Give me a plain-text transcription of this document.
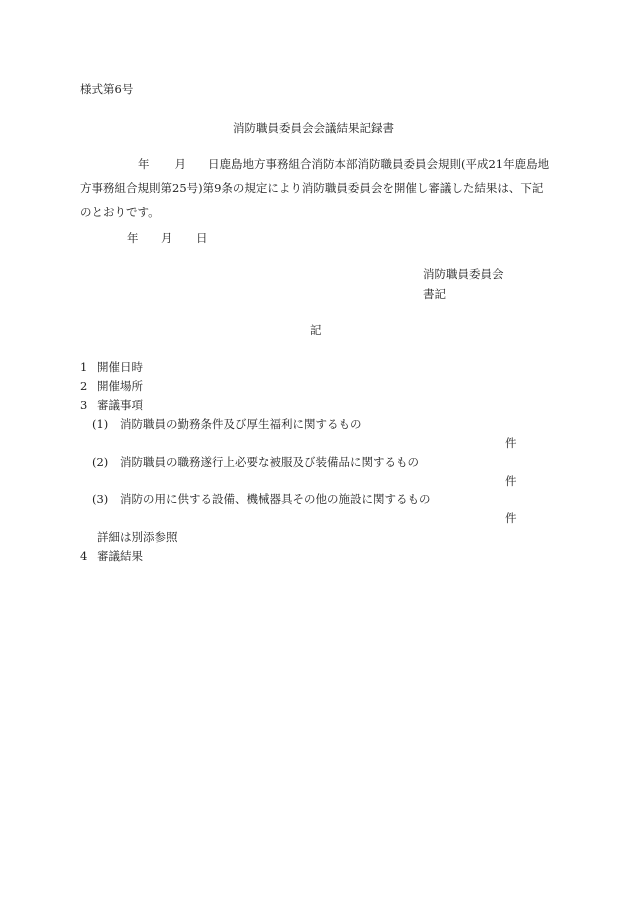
様式第6号
消防職員委員会会議結果記録書
年 月 日鹿島地方事務組合消防本部消防職員委員会規則(平成21年鹿島地方事務組合規則第25号)第9条の規定により消防職員委員会を開催し審議した結果は、下記のとおりです。
年 月 日
消防職員委員会
書記
記
1 開催日時
2 開催場所
3 審議事項
(1) 消防職員の勤務条件及び厚生福利に関するもの
件
(2) 消防職員の職務遂行上必要な被服及び装備品に関するもの
件
(3) 消防の用に供する設備、機械器具その他の施設に関するもの
件
詳細は別添参照
4 審議結果
